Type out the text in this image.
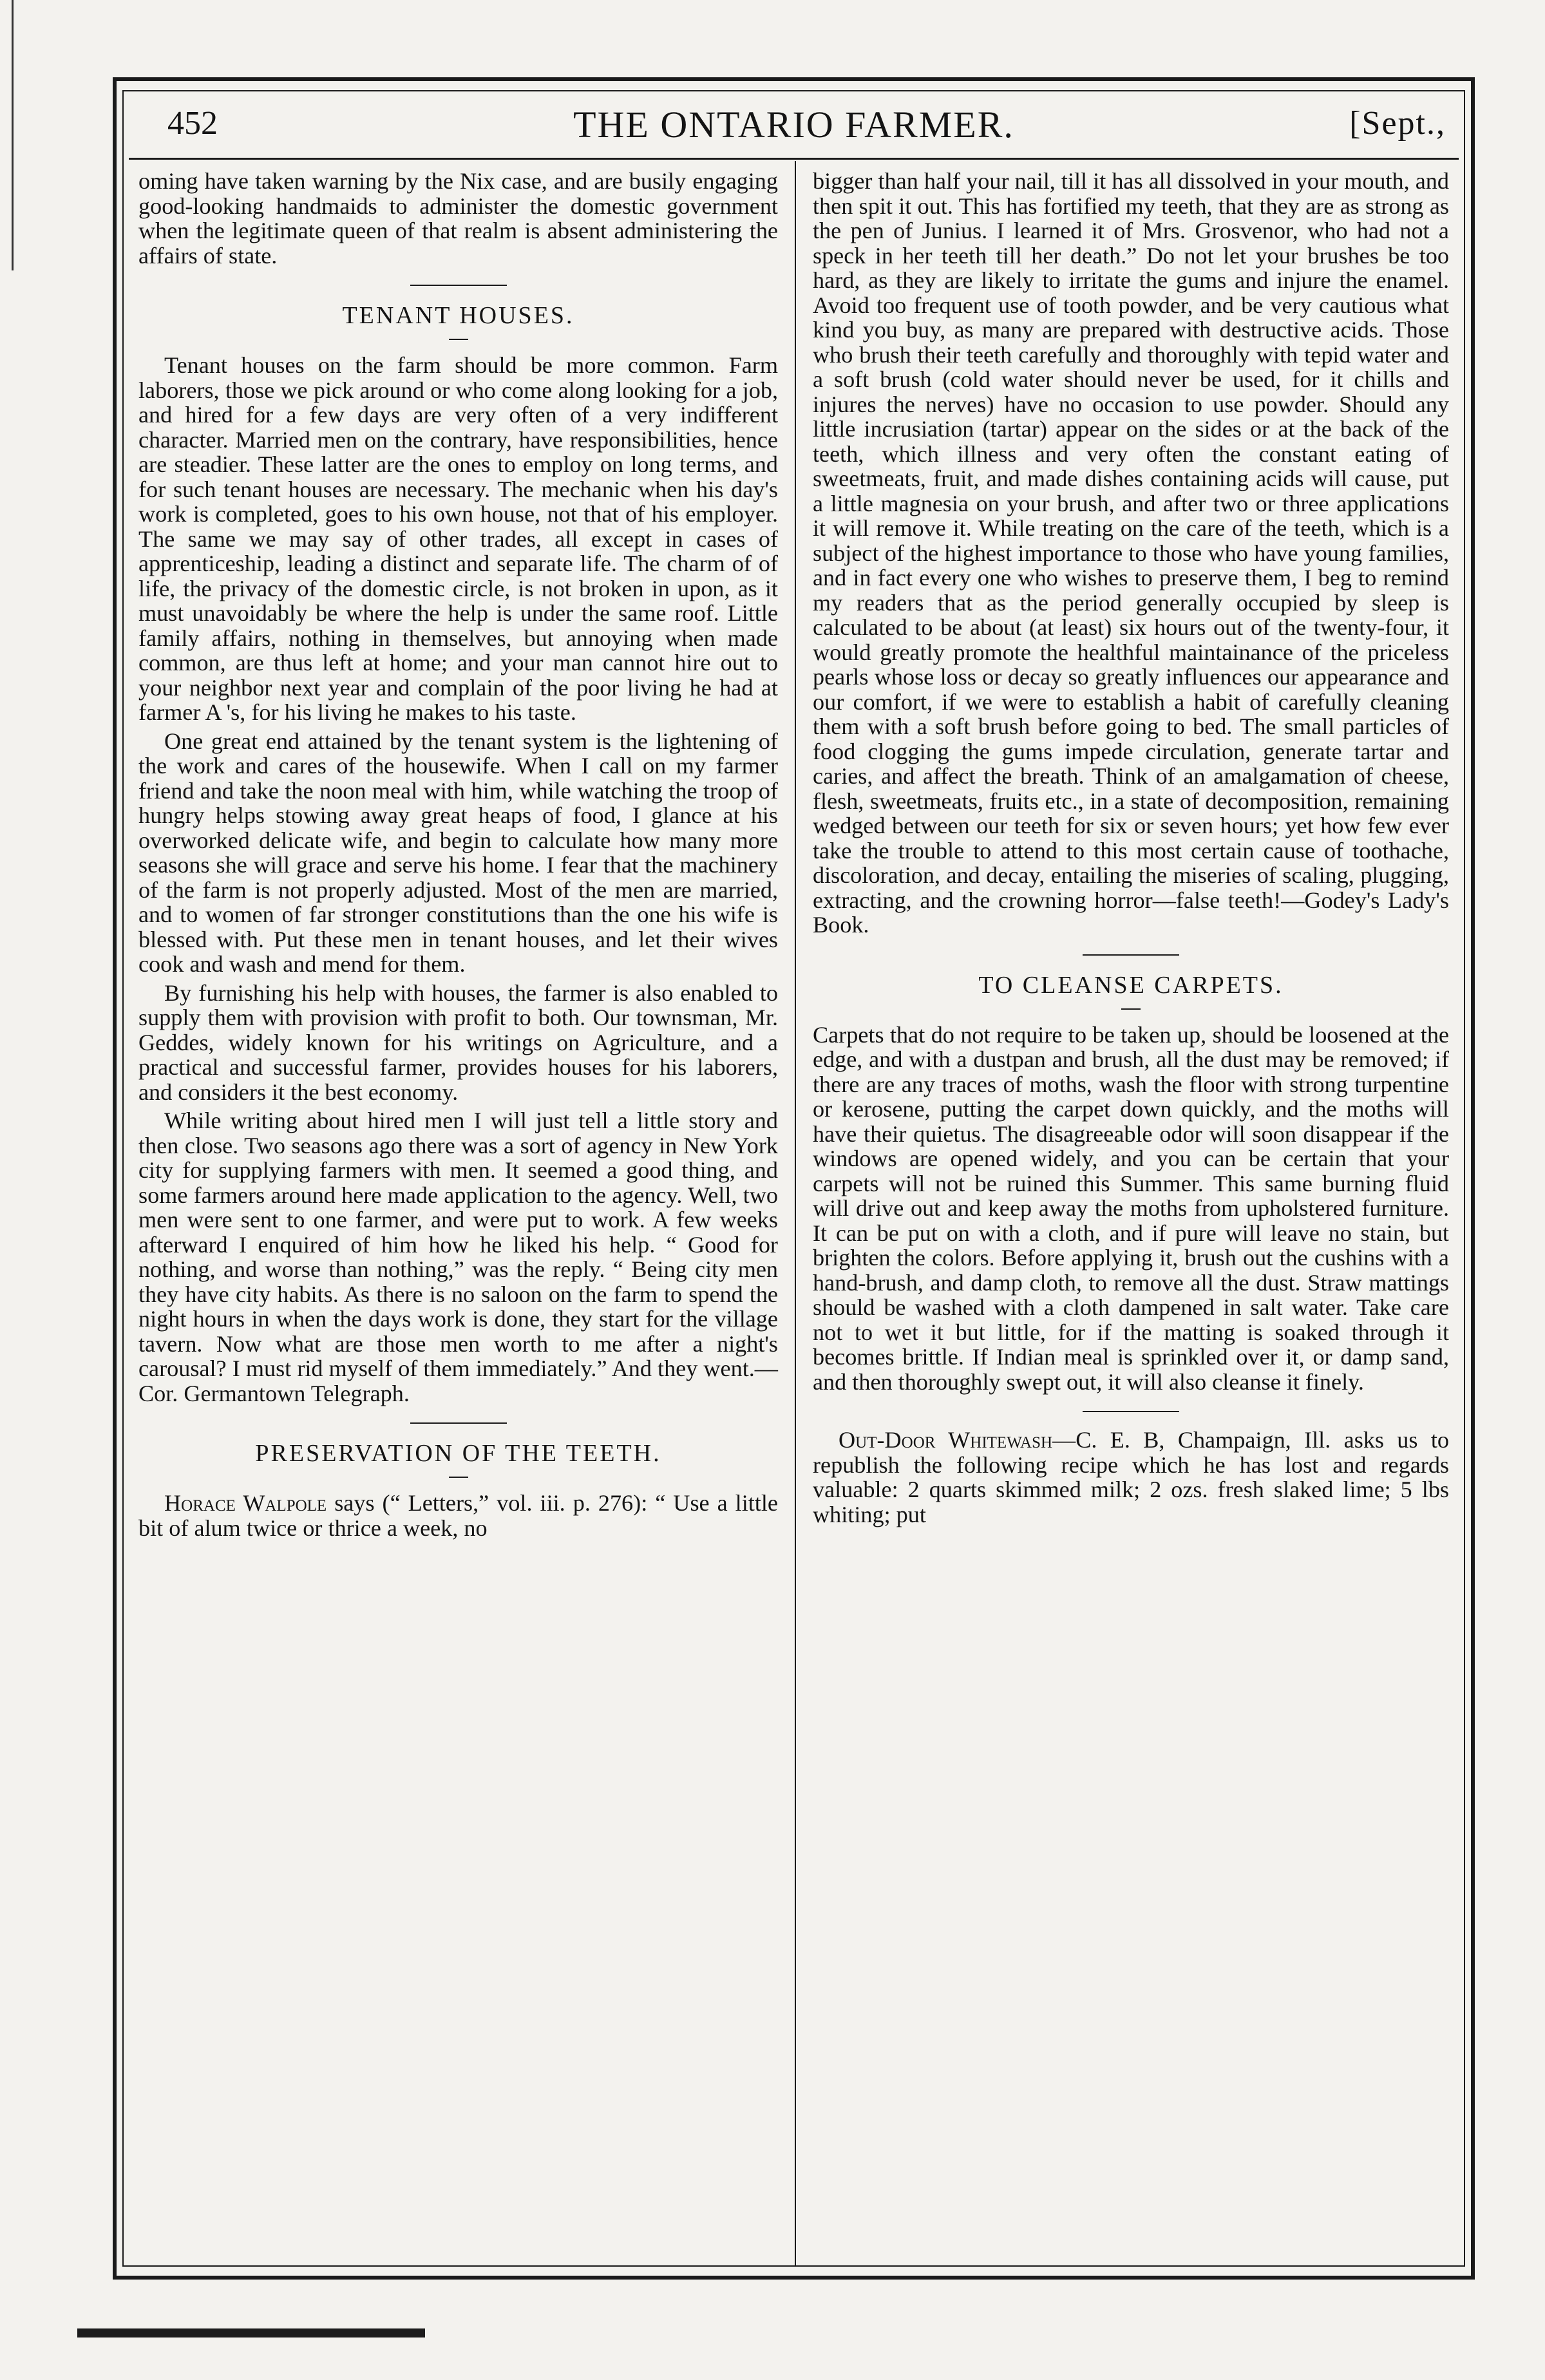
452	THE ONTARIO FARMER.	[Sept.,

oming have taken warning by the Nix case, and are busily engaging good-looking handmaids to administer the domestic government when the legitimate queen of that realm is absent administering the affairs of state.

TENANT HOUSES.

Tenant houses on the farm should be more common. Farm laborers, those we pick around or who come along looking for a job, and hired for a few days are very often of a very indifferent character. Married men on the contrary, have responsibilities, hence are steadier. These latter are the ones to employ on long terms, and for such tenant houses are necessary. The mechanic when his day's work is completed, goes to his own house, not that of his employer. The same we may say of other trades, all except in cases of apprenticeship, leading a distinct and separate life. The charm of of life, the privacy of the domestic circle, is not broken in upon, as it must unavoidably be where the help is under the same roof. Little family affairs, nothing in themselves, but annoying when made common, are thus left at home; and your man cannot hire out to your neighbor next year and complain of the poor living he had at farmer A 's, for his living he makes to his taste.

One great end attained by the tenant system is the lightening of the work and cares of the housewife. When I call on my farmer friend and take the noon meal with him, while watching the troop of hungry helps stowing away great heaps of food, I glance at his overworked delicate wife, and begin to calculate how many more seasons she will grace and serve his home. I fear that the machinery of the farm is not properly adjusted. Most of the men are married, and to women of far stronger constitutions than the one his wife is blessed with. Put these men in tenant houses, and let their wives cook and wash and mend for them.

By furnishing his help with houses, the farmer is also enabled to supply them with provision with profit to both. Our townsman, Mr. Geddes, widely known for his writings on Agriculture, and a practical and successful farmer, provides houses for his laborers, and considers it the best economy.

While writing about hired men I will just tell a little story and then close. Two seasons ago there was a sort of agency in New York city for supplying farmers with men. It seemed a good thing, and some farmers around here made application to the agency. Well, two men were sent to one farmer, and were put to work. A few weeks afterward I enquired of him how he liked his help. “ Good for nothing, and worse than nothing,” was the reply. “ Being city men they have city habits. As there is no saloon on the farm to spend the night hours in when the days work is done, they start for the village tavern. Now what are those men worth to me after a night's carousal? I must rid myself of them immediately.” And they went.—Cor. Germantown Telegraph.

PRESERVATION OF THE TEETH.

Horace Walpole says (“ Letters,” vol. iii. p. 276): “ Use a little bit of alum twice or thrice a week, no

bigger than half your nail, till it has all dissolved in your mouth, and then spit it out. This has fortified my teeth, that they are as strong as the pen of Junius. I learned it of Mrs. Grosvenor, who had not a speck in her teeth till her death.” Do not let your brushes be too hard, as they are likely to irritate the gums and injure the enamel. Avoid too frequent use of tooth powder, and be very cautious what kind you buy, as many are prepared with destructive acids. Those who brush their teeth carefully and thoroughly with tepid water and a soft brush (cold water should never be used, for it chills and injures the nerves) have no occasion to use powder. Should any little incrusiation (tartar) appear on the sides or at the back of the teeth, which illness and very often the constant eating of sweetmeats, fruit, and made dishes containing acids will cause, put a little magnesia on your brush, and after two or three applications it will remove it. While treating on the care of the teeth, which is a subject of the highest importance to those who have young families, and in fact every one who wishes to preserve them, I beg to remind my readers that as the period generally occupied by sleep is calculated to be about (at least) six hours out of the twenty-four, it would greatly promote the healthful maintainance of the priceless pearls whose loss or decay so greatly influences our appearance and our comfort, if we were to establish a habit of carefully cleaning them with a soft brush before going to bed. The small particles of food clogging the gums impede circulation, generate tartar and caries, and affect the breath. Think of an amalgamation of cheese, flesh, sweetmeats, fruits etc., in a state of decomposition, remaining wedged between our teeth for six or seven hours; yet how few ever take the trouble to attend to this most certain cause of toothache, discoloration, and decay, entailing the miseries of scaling, plugging, extracting, and the crowning horror—false teeth!—Godey's Lady's Book.

TO CLEANSE CARPETS.

Carpets that do not require to be taken up, should be loosened at the edge, and with a dustpan and brush, all the dust may be removed; if there are any traces of moths, wash the floor with strong turpentine or kerosene, putting the carpet down quickly, and the moths will have their quietus. The disagreeable odor will soon disappear if the windows are opened widely, and you can be certain that your carpets will not be ruined this Summer. This same burning fluid will drive out and keep away the moths from upholstered furniture. It can be put on with a cloth, and if pure will leave no stain, but brighten the colors. Before applying it, brush out the cushins with a hand-brush, and damp cloth, to remove all the dust. Straw mattings should be washed with a cloth dampened in salt water. Take care not to wet it but little, for if the matting is soaked through it becomes brittle. If Indian meal is sprinkled over it, or damp sand, and then thoroughly swept out, it will also cleanse it finely.

Out-Door Whitewash—C. E. B, Champaign, Ill. asks us to republish the following recipe which he has lost and regards valuable: 2 quarts skimmed milk; 2 ozs. fresh slaked lime; 5 lbs whiting; put
